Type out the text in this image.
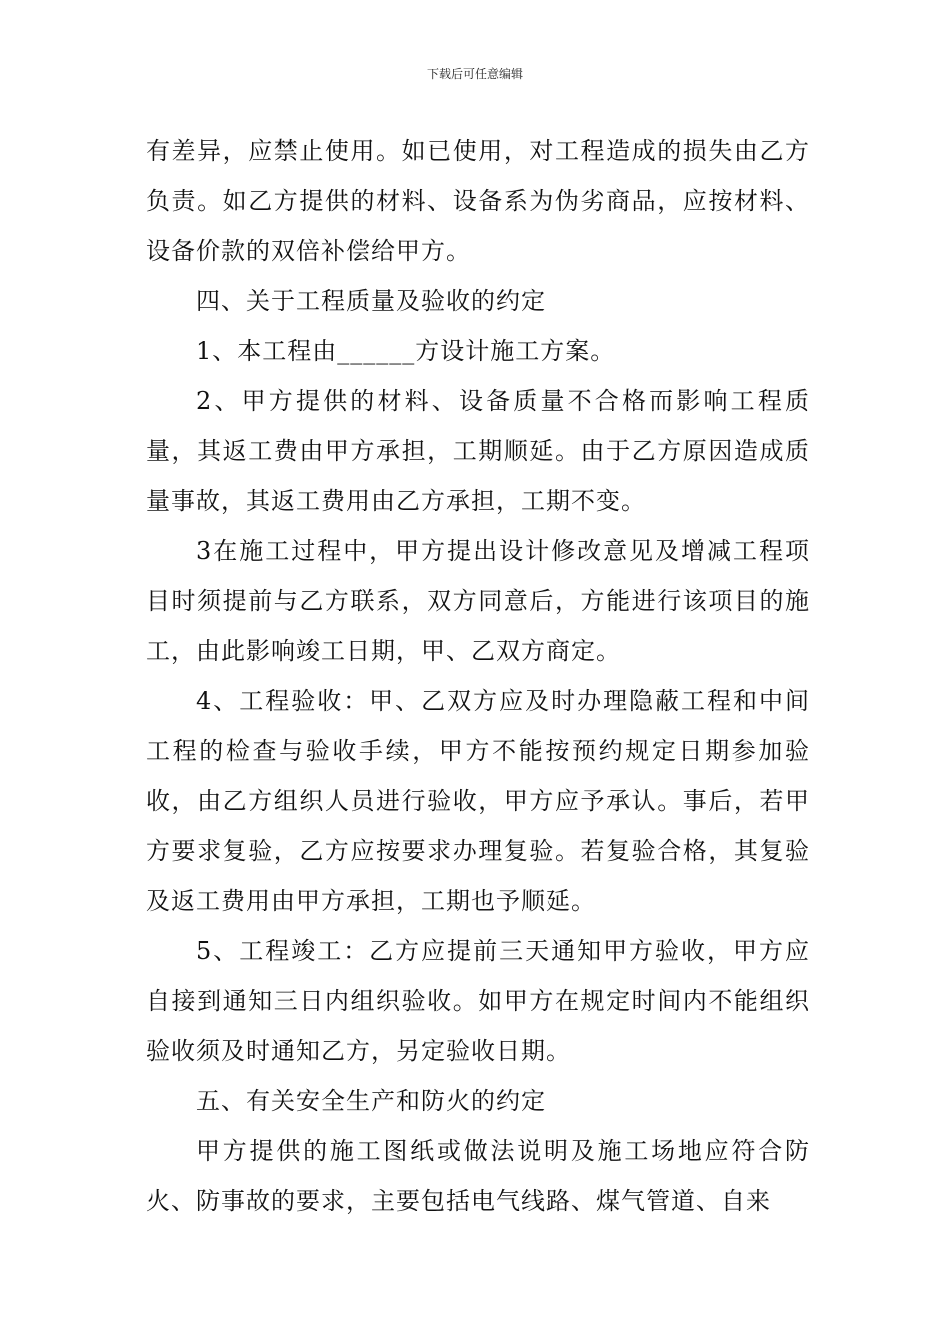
下载后可任意编辑

有差异，应禁止使用。如已使用，对工程造成的损失由乙方负责。如乙方提供的材料、设备系为伪劣商品，应按材料、设备价款的双倍补偿给甲方。

四、关于工程质量及验收的约定

1、本工程由______方设计施工方案。

2、甲方提供的材料、设备质量不合格而影响工程质量，其返工费由甲方承担，工期顺延。由于乙方原因造成质量事故，其返工费用由乙方承担，工期不变。

3在施工过程中，甲方提出设计修改意见及增减工程项目时须提前与乙方联系，双方同意后，方能进行该项目的施工，由此影响竣工日期，甲、乙双方商定。

4、工程验收：甲、乙双方应及时办理隐蔽工程和中间工程的检查与验收手续，甲方不能按预约规定日期参加验收，由乙方组织人员进行验收，甲方应予承认。事后，若甲方要求复验，乙方应按要求办理复验。若复验合格，其复验及返工费用由甲方承担，工期也予顺延。

5、工程竣工：乙方应提前三天通知甲方验收，甲方应自接到通知三日内组织验收。如甲方在规定时间内不能组织验收须及时通知乙方，另定验收日期。

五、有关安全生产和防火的约定

甲方提供的施工图纸或做法说明及施工场地应符合防火、防事故的要求，主要包括电气线路、煤气管道、自来
